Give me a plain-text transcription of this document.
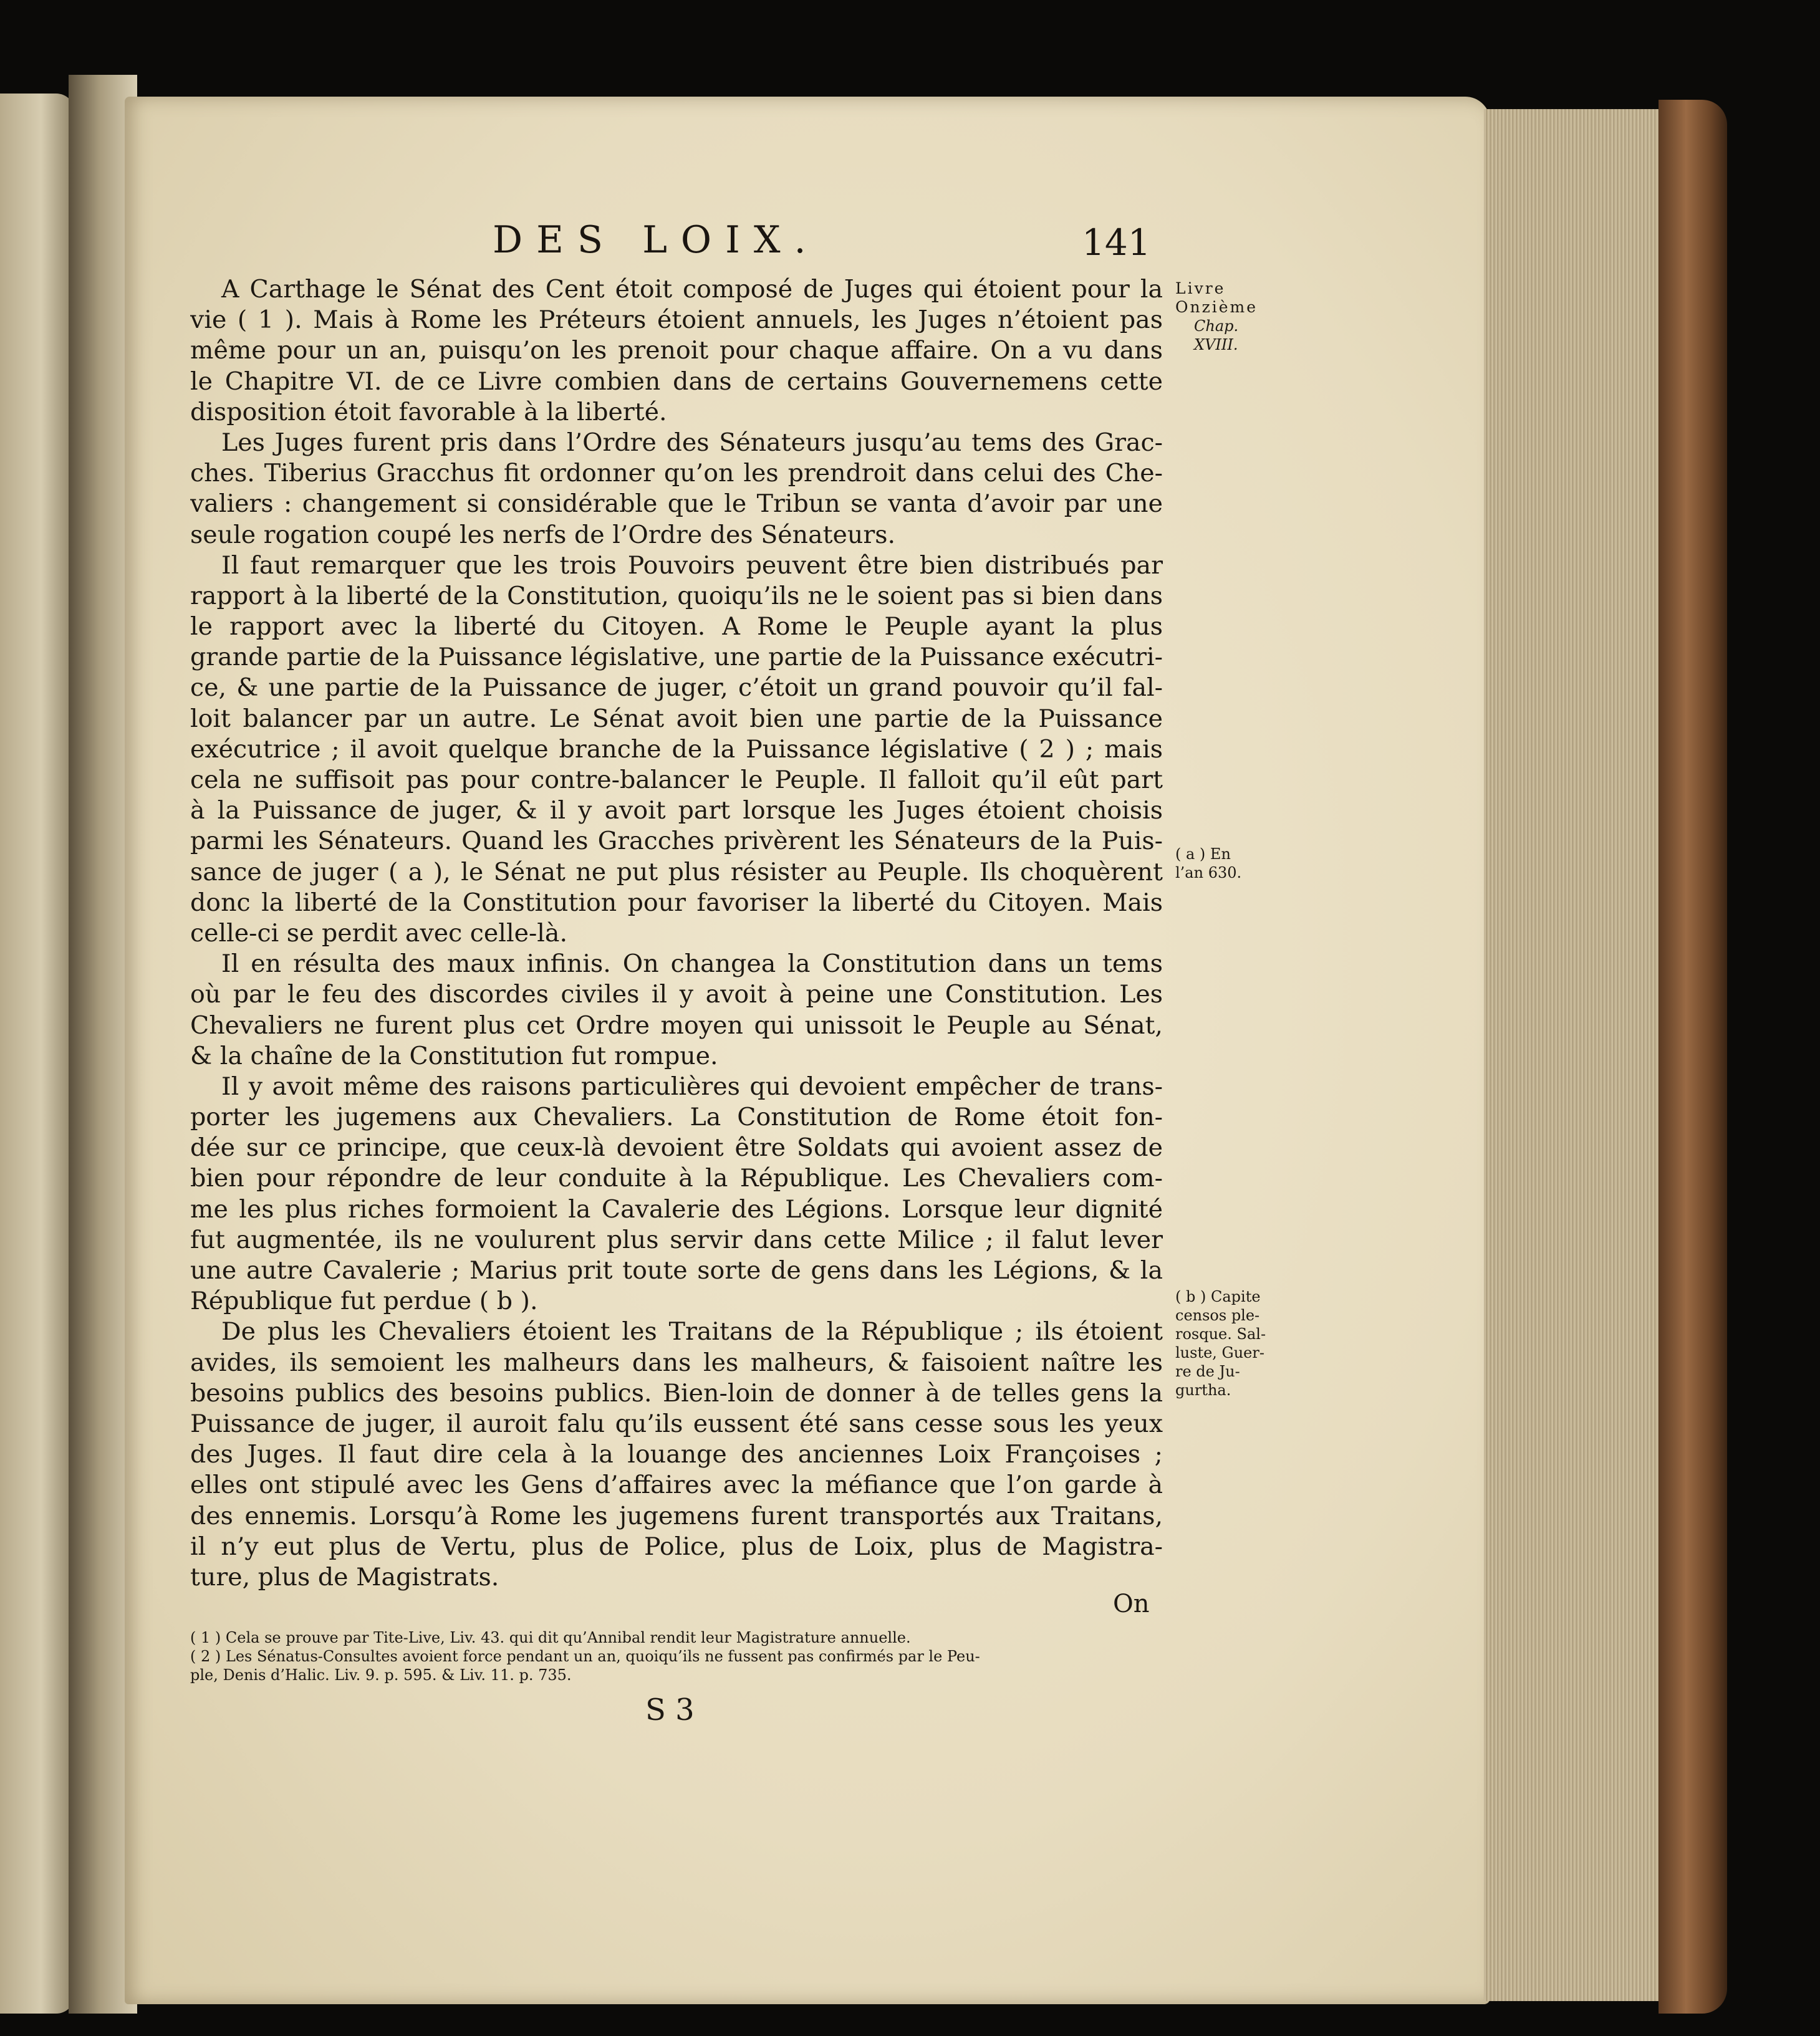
DES LOIX.	141
A Carthage le Sénat des Cent étoit composé de Juges qui étoient pour la
vie ( 1 ). Mais à Rome les Préteurs étoient annuels, les Juges n’étoient pas
même pour un an, puisqu’on les prenoit pour chaque affaire. On a vu dans
le Chapitre VI. de ce Livre combien dans de certains Gouvernemens cette
disposition étoit favorable à la liberté.
Les Juges furent pris dans l’Ordre des Sénateurs jusqu’au tems des Grac-
ches. Tiberius Gracchus fit ordonner qu’on les prendroit dans celui des Che-
valiers : changement si considérable que le Tribun se vanta d’avoir par une
seule rogation coupé les nerfs de l’Ordre des Sénateurs.
Il faut remarquer que les trois Pouvoirs peuvent être bien distribués par
rapport à la liberté de la Constitution, quoiqu’ils ne le soient pas si bien dans
le rapport avec la liberté du Citoyen. A Rome le Peuple ayant la plus
grande partie de la Puissance législative, une partie de la Puissance exécutri-
ce, & une partie de la Puissance de juger, c’étoit un grand pouvoir qu’il fal-
loit balancer par un autre. Le Sénat avoit bien une partie de la Puissance
exécutrice ; il avoit quelque branche de la Puissance législative ( 2 ) ; mais
cela ne suffisoit pas pour contre-balancer le Peuple. Il falloit qu’il eût part
à la Puissance de juger, & il y avoit part lorsque les Juges étoient choisis
parmi les Sénateurs. Quand les Gracches privèrent les Sénateurs de la Puis-
sance de juger ( a ), le Sénat ne put plus résister au Peuple. Ils choquèrent
donc la liberté de la Constitution pour favoriser la liberté du Citoyen. Mais
celle-ci se perdit avec celle-là.
Il en résulta des maux infinis. On changea la Constitution dans un tems
où par le feu des discordes civiles il y avoit à peine une Constitution. Les
Chevaliers ne furent plus cet Ordre moyen qui unissoit le Peuple au Sénat,
& la chaîne de la Constitution fut rompue.
Il y avoit même des raisons particulières qui devoient empêcher de trans-
porter les jugemens aux Chevaliers. La Constitution de Rome étoit fon-
dée sur ce principe, que ceux-là devoient être Soldats qui avoient assez de
bien pour répondre de leur conduite à la République. Les Chevaliers com-
me les plus riches formoient la Cavalerie des Légions. Lorsque leur dignité
fut augmentée, ils ne voulurent plus servir dans cette Milice ; il falut lever
une autre Cavalerie ; Marius prit toute sorte de gens dans les Légions, & la
République fut perdue ( b ).
De plus les Chevaliers étoient les Traitans de la République ; ils étoient
avides, ils semoient les malheurs dans les malheurs, & faisoient naître les
besoins publics des besoins publics. Bien-loin de donner à de telles gens la
Puissance de juger, il auroit falu qu’ils eussent été sans cesse sous les yeux
des Juges. Il faut dire cela à la louange des anciennes Loix Françoises ;
elles ont stipulé avec les Gens d’affaires avec la méfiance que l’on garde à
des ennemis. Lorsqu’à Rome les jugemens furent transportés aux Traitans,
il n’y eut plus de Vertu, plus de Police, plus de Loix, plus de Magistra-
ture, plus de Magistrats.
Livre
Onzième
Chap.
XVIII.
( a ) En
l’an 630.
( b ) Capite
censos ple-
rosque. Sal-
luste, Guer-
re de Ju-
gurtha.
On
( 1 ) Cela se prouve par Tite-Live, Liv. 43. qui dit qu’Annibal rendit leur Magistrature annuelle.
( 2 ) Les Sénatus-Consultes avoient force pendant un an, quoiqu’ils ne fussent pas confirmés par le Peu-
ple, Denis d’Halic. Liv. 9. p. 595. & Liv. 11. p. 735.
S 3
